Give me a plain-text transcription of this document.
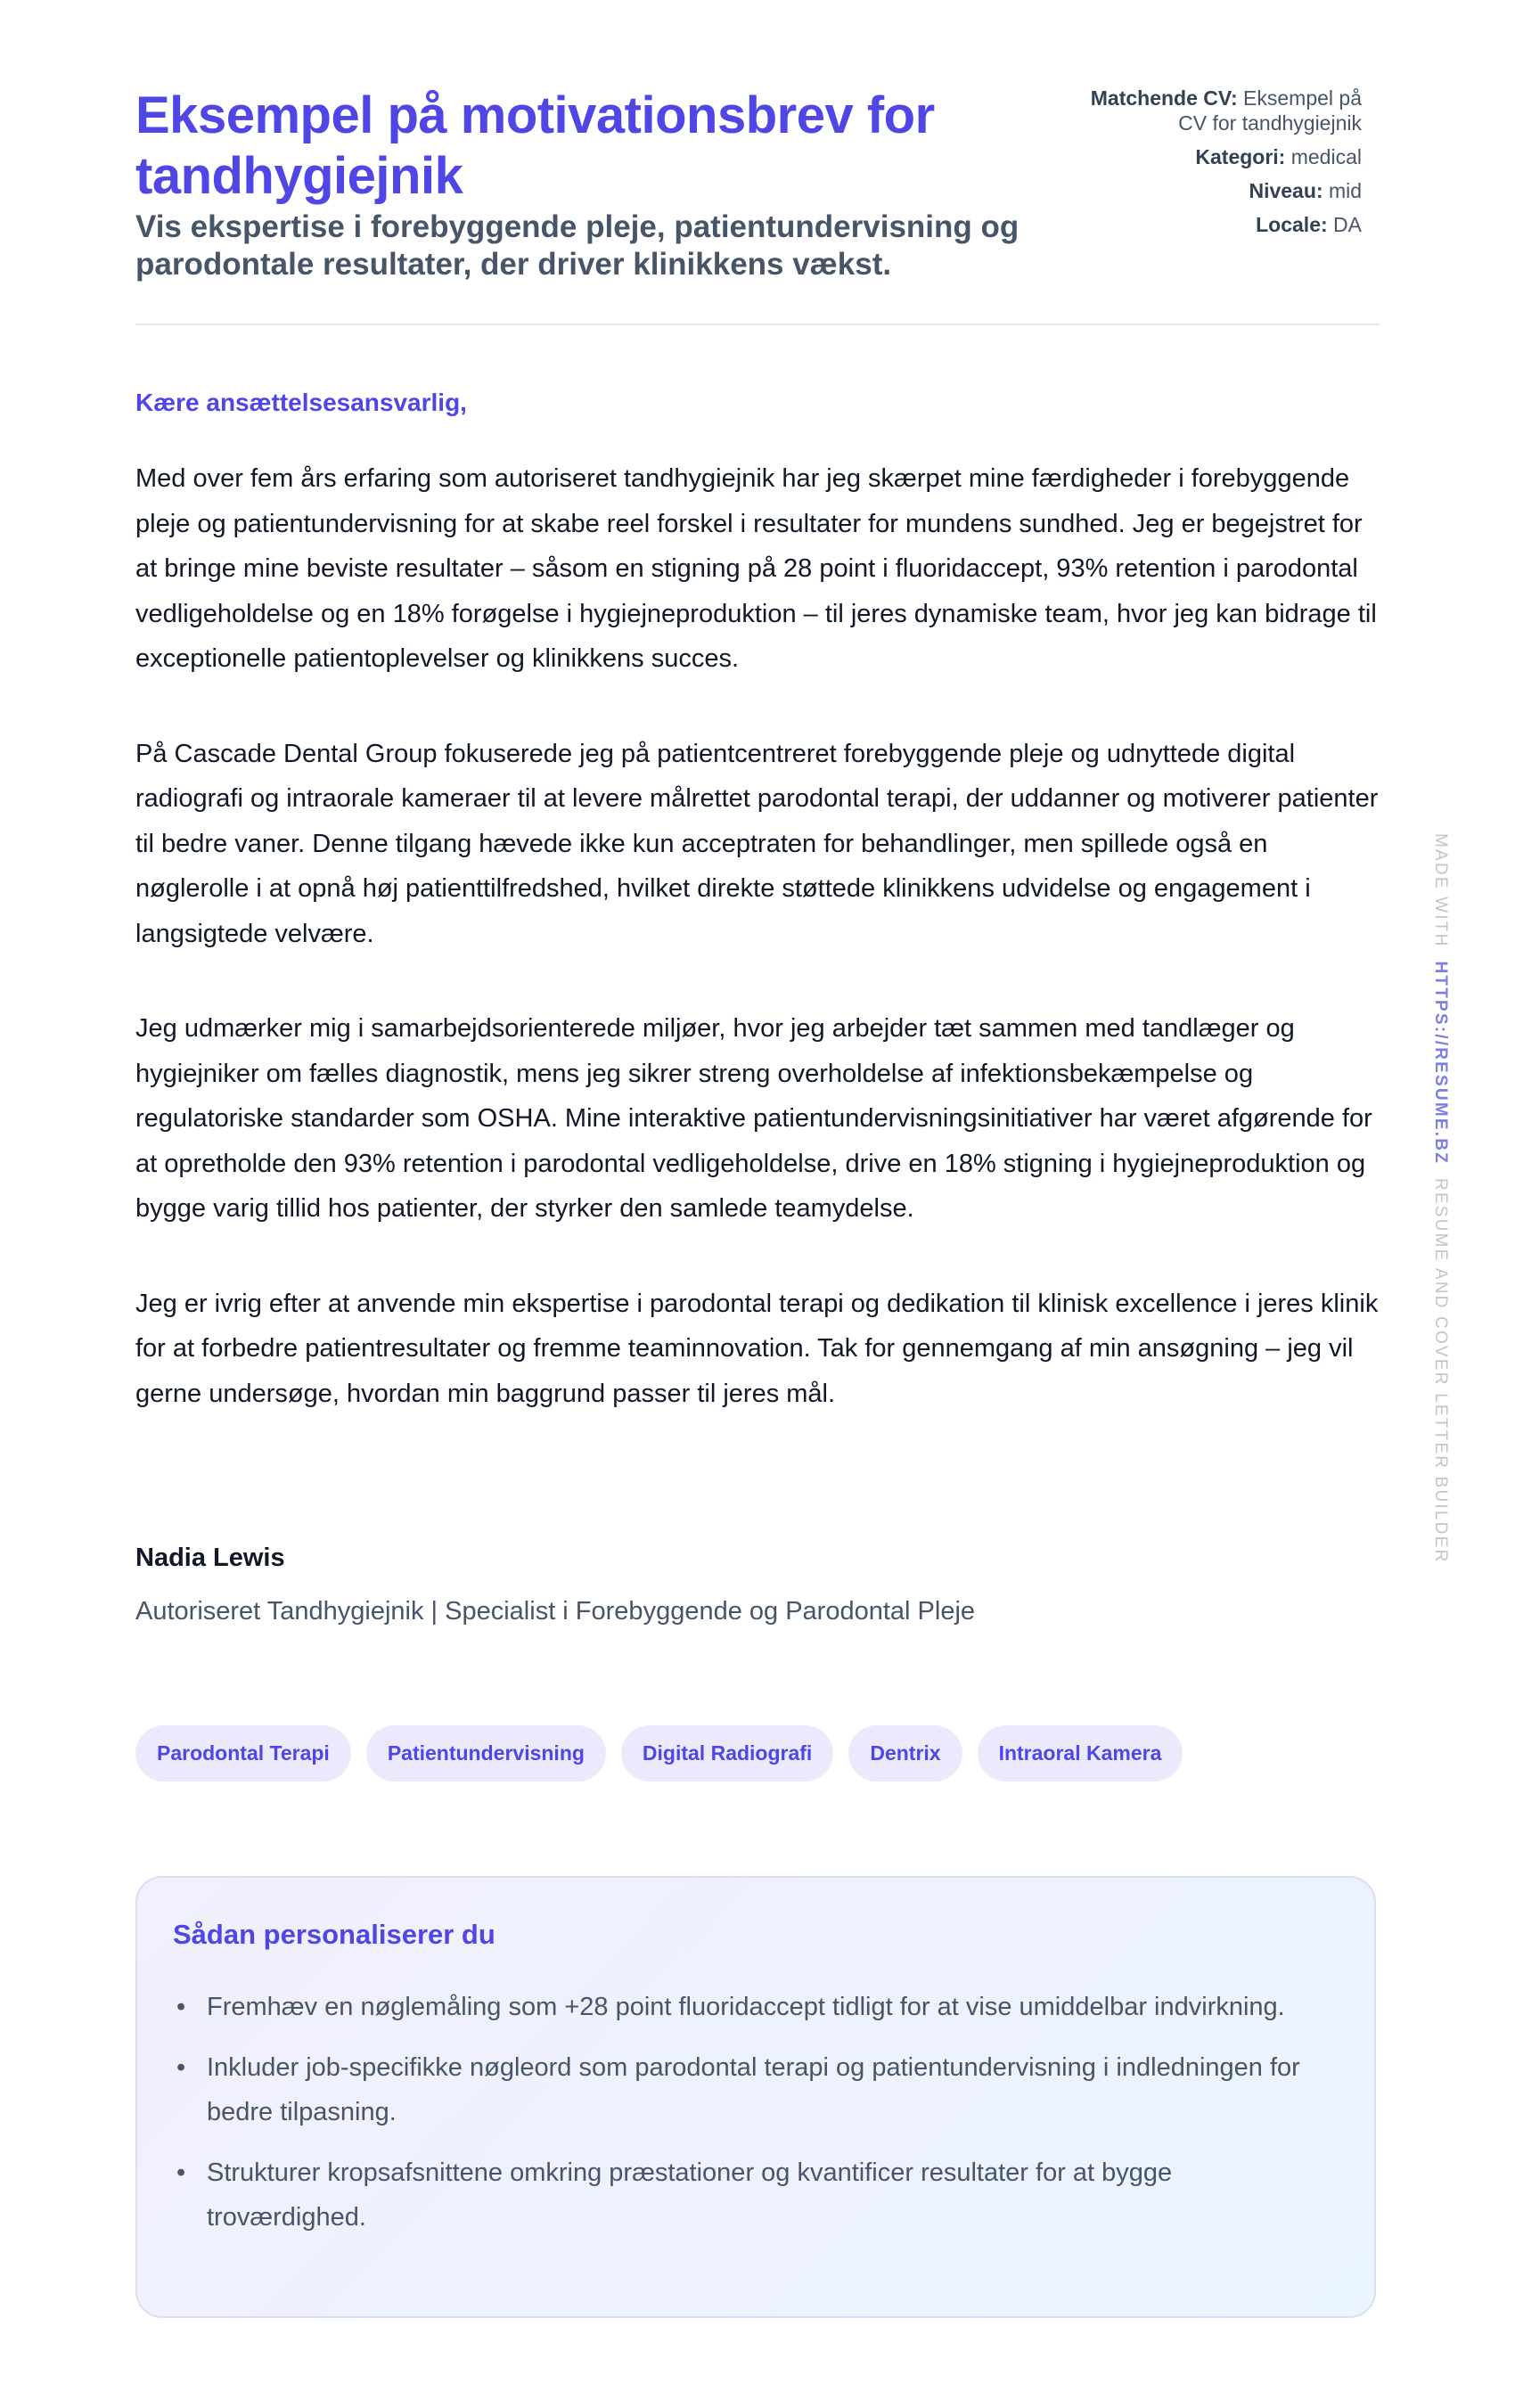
Eksempel på motivationsbrev for tandhygiejnik

Vis ekspertise i forebyggende pleje, patientundervisning og parodontale resultater, der driver klinikkens vækst.

Matchende CV: Eksempel på CV for tandhygiejnik
Kategori: medical
Niveau: mid
Locale: DA

Kære ansættelsesansvarlig,

Med over fem års erfaring som autoriseret tandhygiejnik har jeg skærpet mine færdigheder i forebyggende pleje og patientundervisning for at skabe reel forskel i resultater for mundens sundhed. Jeg er begejstret for at bringe mine beviste resultater – såsom en stigning på 28 point i fluoridaccept, 93% retention i parodontal vedligeholdelse og en 18% forøgelse i hygiejneproduktion – til jeres dynamiske team, hvor jeg kan bidrage til exceptionelle patientoplevelser og klinikkens succes.

På Cascade Dental Group fokuserede jeg på patientcentreret forebyggende pleje og udnyttede digital radiografi og intraorale kameraer til at levere målrettet parodontal terapi, der uddanner og motiverer patienter til bedre vaner. Denne tilgang hævede ikke kun acceptraten for behandlinger, men spillede også en nøglerolle i at opnå høj patienttilfredshed, hvilket direkte støttede klinikkens udvidelse og engagement i langsigtede velvære.

Jeg udmærker mig i samarbejdsorienterede miljøer, hvor jeg arbejder tæt sammen med tandlæger og hygiejniker om fælles diagnostik, mens jeg sikrer streng overholdelse af infektionsbekæmpelse og regulatoriske standarder som OSHA. Mine interaktive patientundervisningsinitiativer har været afgørende for at opretholde den 93% retention i parodontal vedligeholdelse, drive en 18% stigning i hygiejneproduktion og bygge varig tillid hos patienter, der styrker den samlede teamydelse.

Jeg er ivrig efter at anvende min ekspertise i parodontal terapi og dedikation til klinisk excellence i jeres klinik for at forbedre patientresultater og fremme teaminnovation. Tak for gennemgang af min ansøgning – jeg vil gerne undersøge, hvordan min baggrund passer til jeres mål.

Nadia Lewis
Autoriseret Tandhygiejnik | Specialist i Forebyggende og Parodontal Pleje
Parodontal Terapi	Patientundervisning	Digital Radiografi	Dentrix	Intraoral Kamera
Sådan personaliserer du
• Fremhæv en nøglemåling som +28 point fluoridaccept tidligt for at vise umiddelbar indvirkning.
• Inkluder job-specifikke nøgleord som parodontal terapi og patientundervisning i indledningen for bedre tilpasning.
• Strukturer kropsafsnittene omkring præstationer og kvantificer resultater for at bygge troværdighed.
MADE WITH  HTTPS://RESUME.BZ  RESUME AND COVER LETTER BUILDER
